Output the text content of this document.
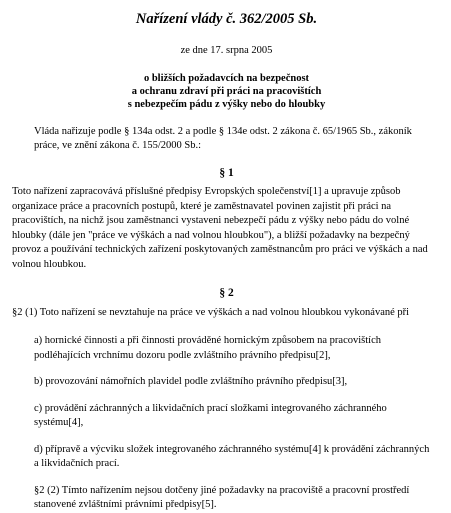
Nařízení vlády č. 362/2005 Sb.
ze dne 17. srpna 2005
o bližších požadavcích na bezpečnost
a ochranu zdraví při práci na pracovištích
s nebezpečím pádu z výšky nebo do hloubky
Vláda nařizuje podle § 134a odst. 2 a podle § 134e odst. 2 zákona č. 65/1965 Sb., zákoník práce, ve znění zákona č. 155/2000 Sb.:
§ 1
Toto nařízení zapracovává příslušné předpisy Evropských společenství[1] a upravuje způsob organizace práce a pracovních postupů, které je zaměstnavatel povinen zajistit při práci na pracovištích, na nichž jsou zaměstnanci vystaveni nebezpečí pádu z výšky nebo pádu do volné hloubky (dále jen "práce ve výškách a nad volnou hloubkou"), a bližší požadavky na bezpečný provoz a používání technických zařízení poskytovaných zaměstnancům pro práci ve výškách a nad volnou hloubkou.
§ 2
§2 (1) Toto nařízení se nevztahuje na práce ve výškách a nad volnou hloubkou vykonávané při
a) hornické činnosti a při činnosti prováděné hornickým způsobem na pracovištích podléhajících vrchnímu dozoru podle zvláštního právního předpisu[2],
b) provozování námořních plavidel podle zvláštního právního předpisu[3],
c) provádění záchranných a likvidačních prací složkami integrovaného záchranného systému[4],
d) přípravě a výcviku složek integrovaného záchranného systému[4] k provádění záchranných a likvidačních prací.
§2 (2) Tímto nařízením nejsou dotčeny jiné požadavky na pracoviště a pracovní prostředí stanovené zvláštními právními předpisy[5].
